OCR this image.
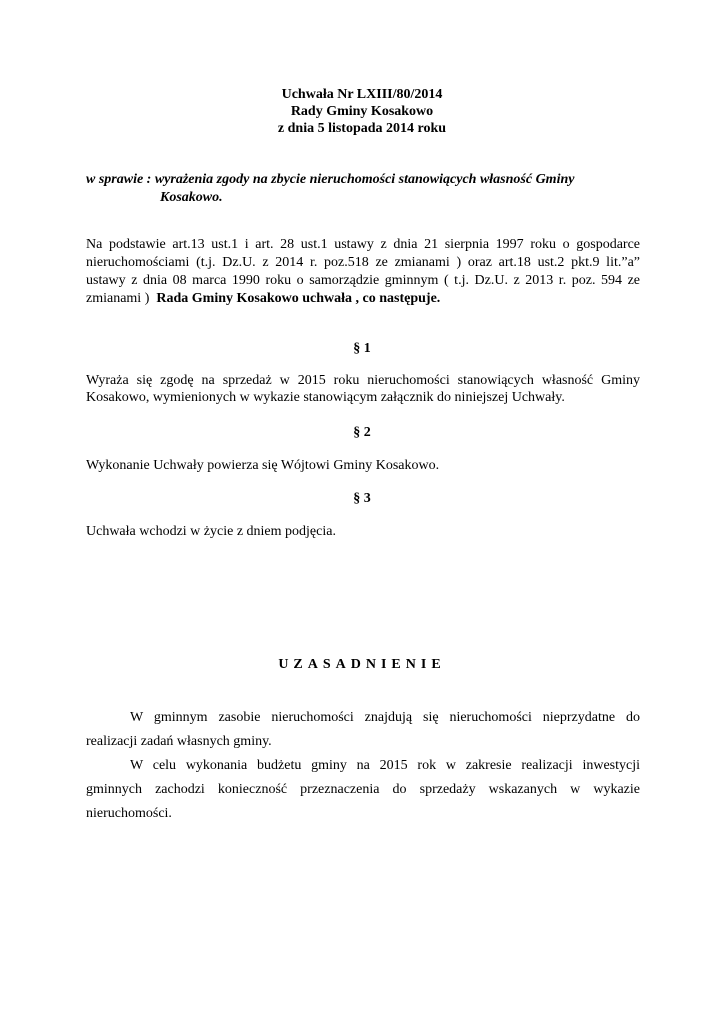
Uchwała Nr LXIII/80/2014
Rady Gminy Kosakowo
z dnia 5 listopada 2014 roku
w sprawie : wyrażenia zgody na zbycie nieruchomości stanowiących własność Gminy
Kosakowo.
Na podstawie art.13 ust.1 i art. 28 ust.1 ustawy z dnia 21 sierpnia 1997 roku o gospodarce
nieruchomościami (t.j. Dz.U. z 2014 r. poz.518 ze zmianami ) oraz art.18 ust.2 pkt.9 lit.”a”
ustawy z dnia 08 marca 1990 roku o samorządzie gminnym ( t.j. Dz.U. z 2013 r. poz. 594 ze
zmianami )  Rada Gminy Kosakowo uchwała , co następuje.
§ 1
Wyraża się zgodę na sprzedaż w 2015 roku nieruchomości stanowiących własność Gminy
Kosakowo, wymienionych w wykazie stanowiącym załącznik do niniejszej Uchwały.
§ 2
Wykonanie Uchwały powierza się Wójtowi Gminy Kosakowo.
§ 3
Uchwała wchodzi w życie z dniem podjęcia.
UZASADNIENIE
W gminnym zasobie nieruchomości znajdują się nieruchomości nieprzydatne do
realizacji zadań własnych gminy.
W celu wykonania budżetu gminy na 2015 rok w zakresie realizacji inwestycji
gminnych zachodzi konieczność przeznaczenia do sprzedaży wskazanych w wykazie
nieruchomości.
